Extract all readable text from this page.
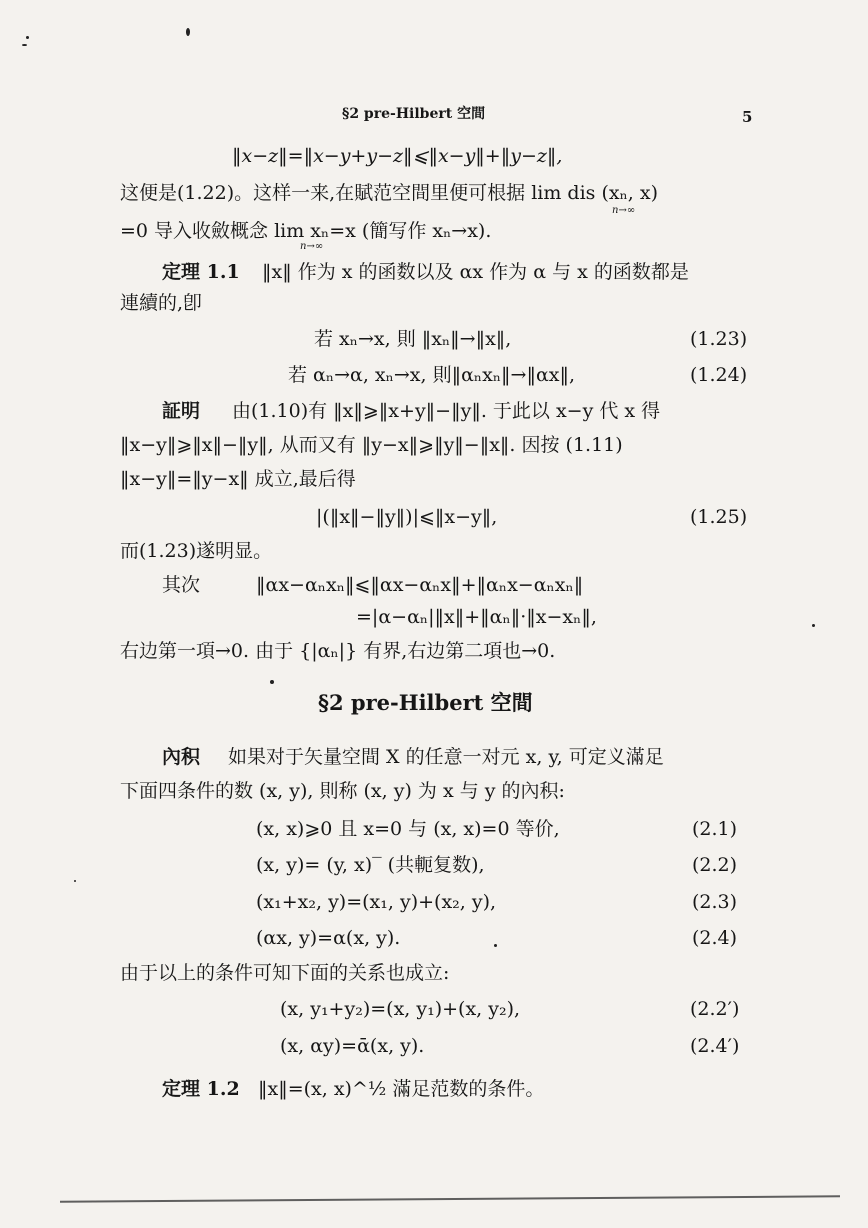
§2 pre-Hilbert 空間	5
‖x−z‖=‖x−y+y−z‖⩽‖x−y‖+‖y−z‖,
这便是(1.22)。这样一来,在賦范空間里便可根据 lim dis (xₙ, x)
n→∞
=0 导入收斂概念 lim xₙ=x (簡写作 xₙ→x).
n→∞
定理 1.1 ‖x‖ 作为 x 的函数以及 αx 作为 α 与 x 的函数都是
連續的,卽
若 xₙ→x, 則 ‖xₙ‖→‖x‖,	(1.23)
若 αₙ→α, xₙ→x, 則‖αₙxₙ‖→‖αx‖,	(1.24)
証明 由(1.10)有 ‖x‖⩾‖x+y‖−‖y‖. 于此以 x−y 代 x 得
‖x−y‖⩾‖x‖−‖y‖, 从而又有 ‖y−x‖⩾‖y‖−‖x‖. 因按 (1.11)
‖x−y‖=‖y−x‖ 成立,最后得
|(‖x‖−‖y‖)|⩽‖x−y‖,	(1.25)
而(1.23)遂明显。
其次	‖αx−αₙxₙ‖⩽‖αx−αₙx‖+‖αₙx−αₙxₙ‖
=|α−αₙ|‖x‖+‖αₙ‖·‖x−xₙ‖,
右边第一項→0. 由于 {|αₙ|} 有界,右边第二項也→0.
§2 pre-Hilbert 空間
內积 如果对于矢量空間 X 的任意一对元 x, y, 可定义滿足
下面四条件的数 (x, y), 則称 (x, y) 为 x 与 y 的內积:
(x, x)⩾0 且 x=0 与 (x, x)=0 等价,	(2.1)
(x, y)= (y, x)‾ (共軛复数),	(2.2)
(x₁+x₂, y)=(x₁, y)+(x₂, y),	(2.3)
(αx, y)=α(x, y).	(2.4)
由于以上的条件可知下面的关系也成立:
(x, y₁+y₂)=(x, y₁)+(x, y₂),	(2.2′)
(x, αy)=ᾱ(x, y).	(2.4′)
定理 1.2 ‖x‖=(x, x)^½ 滿足范数的条件。
